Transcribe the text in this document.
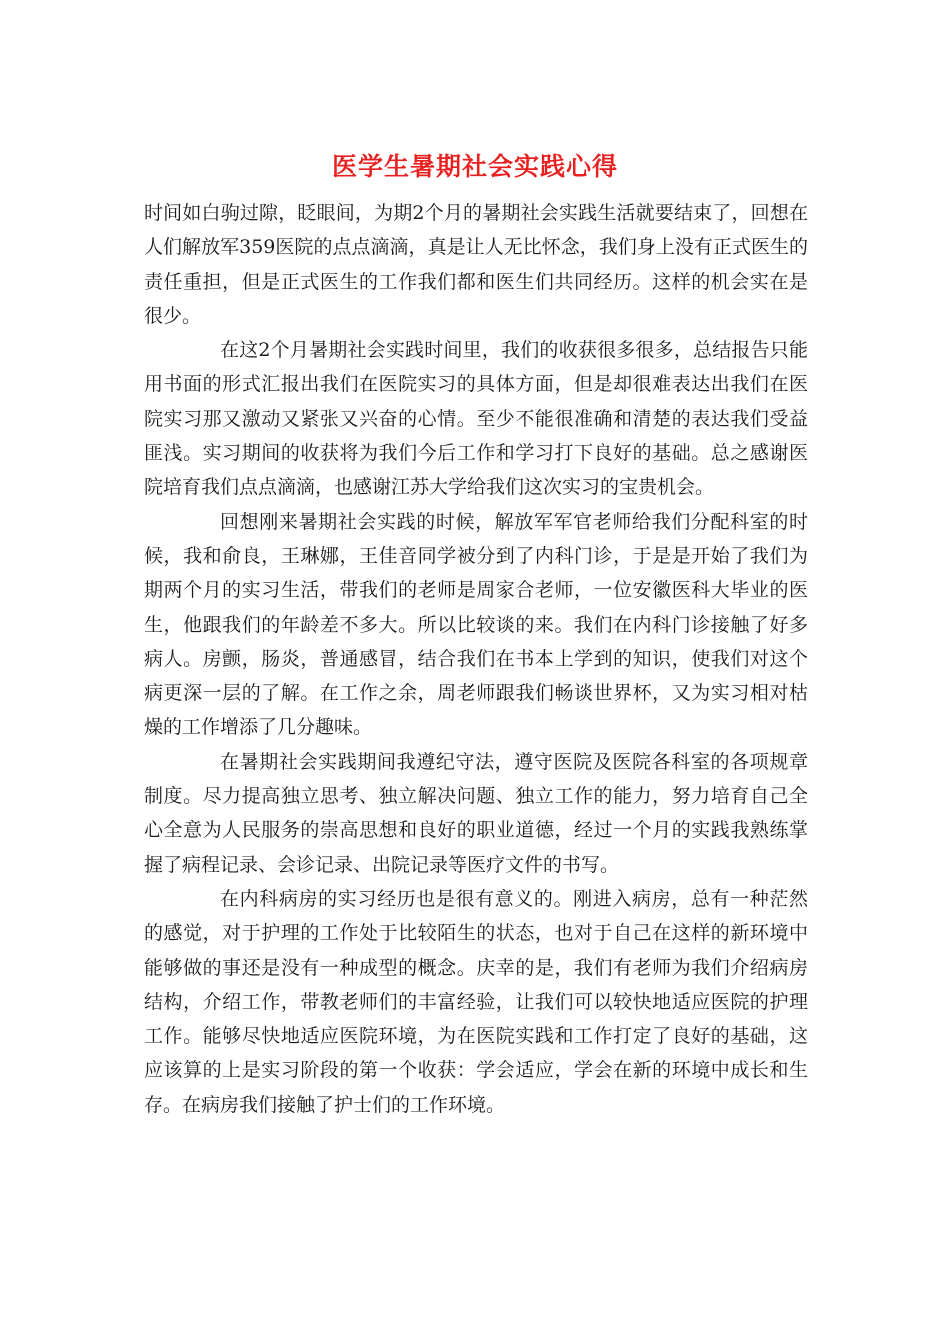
医学生暑期社会实践心得

时间如白驹过隙，眨眼间，为期2个月的暑期社会实践生活就要结束了，回想在人们解放军359医院的点点滴滴，真是让人无比怀念，我们身上没有正式医生的责任重担，但是正式医生的工作我们都和医生们共同经历。这样的机会实在是很少。

在这2个月暑期社会实践时间里，我们的收获很多很多，总结报告只能用书面的形式汇报出我们在医院实习的具体方面，但是却很难表达出我们在医院实习那又激动又紧张又兴奋的心情。至少不能很准确和清楚的表达我们受益匪浅。实习期间的收获将为我们今后工作和学习打下良好的基础。总之感谢医院培育我们点点滴滴，也感谢江苏大学给我们这次实习的宝贵机会。

回想刚来暑期社会实践的时候，解放军军官老师给我们分配科室的时候，我和俞良，王琳娜，王佳音同学被分到了内科门诊，于是是开始了我们为期两个月的实习生活，带我们的老师是周家合老师，一位安徽医科大毕业的医生，他跟我们的年龄差不多大。所以比较谈的来。我们在内科门诊接触了好多病人。房颤，肠炎，普通感冒，结合我们在书本上学到的知识，使我们对这个病更深一层的了解。在工作之余，周老师跟我们畅谈世界杯，又为实习相对枯燥的工作增添了几分趣味。

在暑期社会实践期间我遵纪守法，遵守医院及医院各科室的各项规章制度。尽力提高独立思考、独立解决问题、独立工作的能力，努力培育自己全心全意为人民服务的崇高思想和良好的职业道德，经过一个月的实践我熟练掌握了病程记录、会诊记录、出院记录等医疗文件的书写。

在内科病房的实习经历也是很有意义的。刚进入病房，总有一种茫然的感觉，对于护理的工作处于比较陌生的状态，也对于自己在这样的新环境中能够做的事还是没有一种成型的概念。庆幸的是，我们有老师为我们介绍病房结构，介绍工作，带教老师们的丰富经验，让我们可以较快地适应医院的护理工作。能够尽快地适应医院环境，为在医院实践和工作打定了良好的基础，这应该算的上是实习阶段的第一个收获：学会适应，学会在新的环境中成长和生存。在病房我们接触了护士们的工作环境。
